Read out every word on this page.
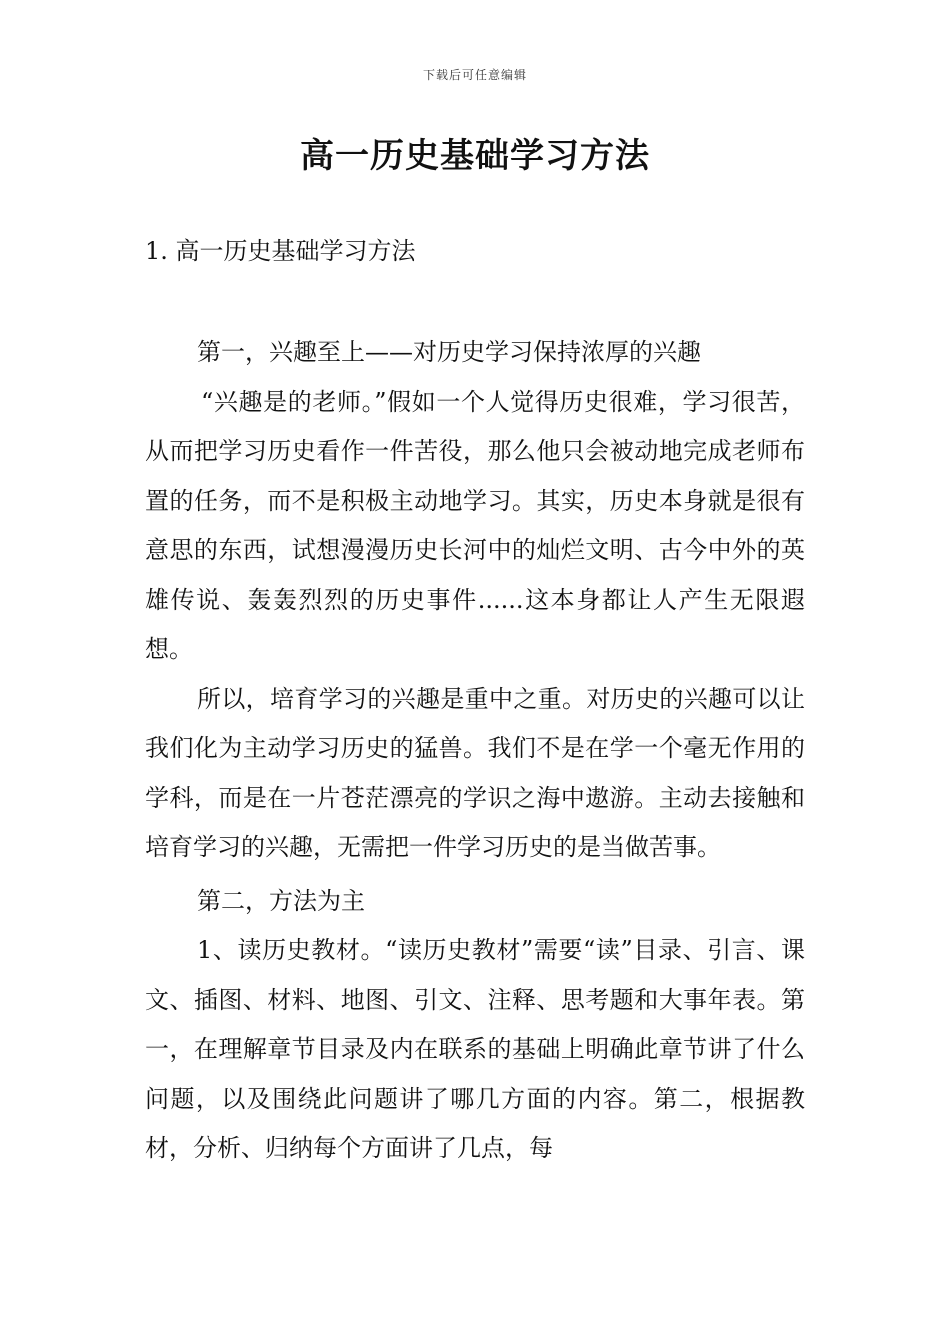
下载后可任意编辑
高一历史基础学习方法
1. 高一历史基础学习方法

第一，兴趣至上——对历史学习保持浓厚的兴趣

“兴趣是的老师。”假如一个人觉得历史很难，学习很苦，从而把学习历史看作一件苦役，那么他只会被动地完成老师布置的任务，而不是积极主动地学习。其实，历史本身就是很有意思的东西，试想漫漫历史长河中的灿烂文明、古今中外的英雄传说、轰轰烈烈的历史事件......这本身都让人产生无限遐想。

所以，培育学习的兴趣是重中之重。对历史的兴趣可以让我们化为主动学习历史的猛兽。我们不是在学一个毫无作用的学科，而是在一片苍茫漂亮的学识之海中遨游。主动去接触和培育学习的兴趣，无需把一件学习历史的是当做苦事。

第二，方法为主

1、读历史教材。“读历史教材”需要“读”目录、引言、课文、插图、材料、地图、引文、注释、思考题和大事年表。第一，在理解章节目录及内在联系的基础上明确此章节讲了什么问题，以及围绕此问题讲了哪几方面的内容。第二，根据教材，分析、归纳每个方面讲了几点，每
